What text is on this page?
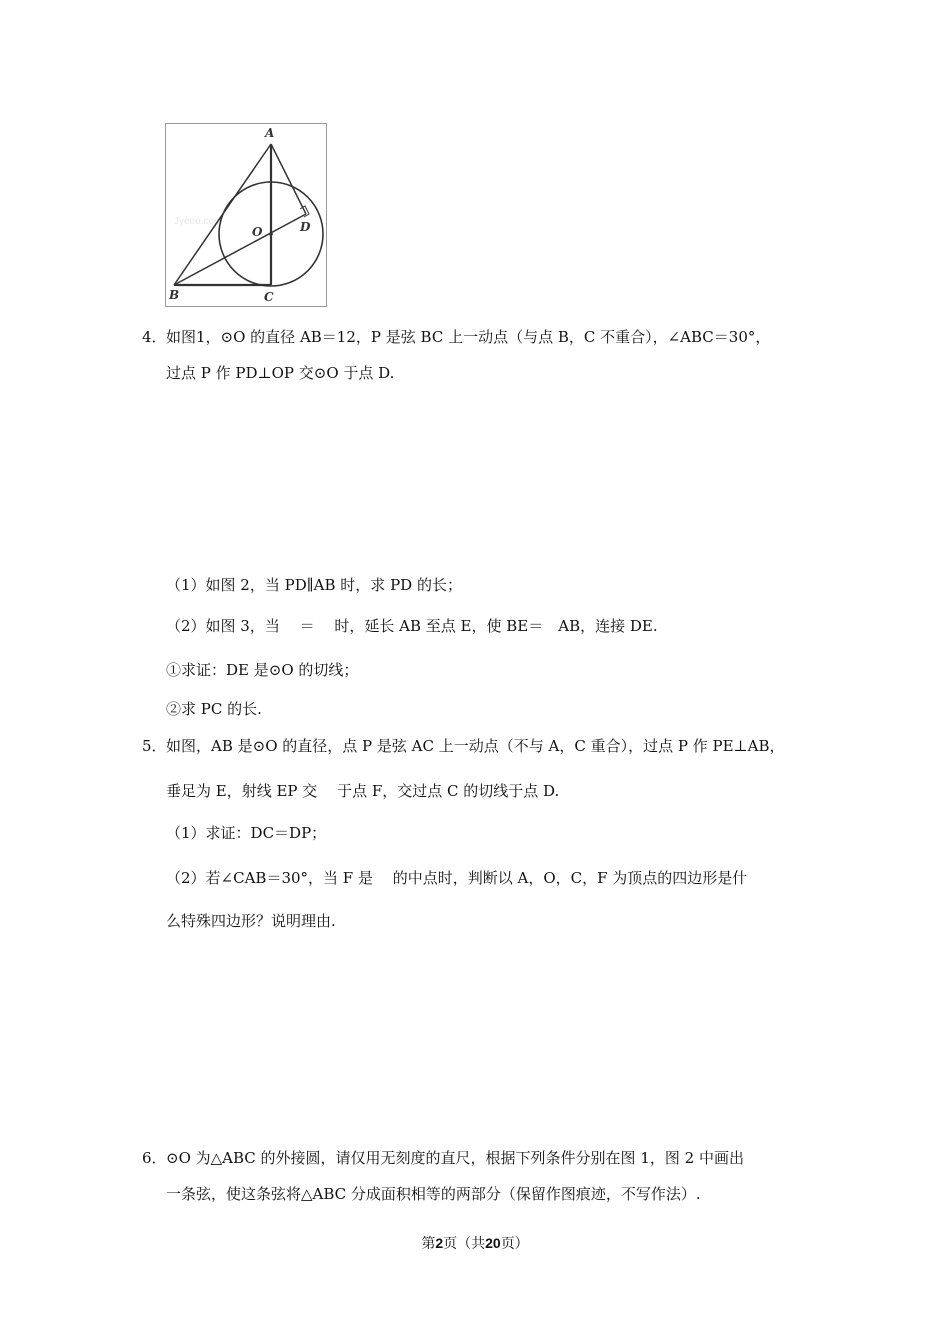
Jyeoo.com
A
B	C
O	D
4． 如图1，⊙O 的直径 AB＝12，P 是弦 BC 上一动点（与点 B，C 不重合），∠ABC＝30°，
过点 P 作 PD⊥OP 交⊙O 于点 D.
（1）如图 2，当 PD∥AB 时，求 PD 的长；
（2）如图 3，当　 ＝　 时，延长 AB 至点 E，使 BE＝　AB，连接 DE.
①求证：DE 是⊙O 的切线；
②求 PC 的长.
5． 如图，AB 是⊙O 的直径，点 P 是弦 AC 上一动点（不与 A，C 重合），过点 P 作 PE⊥AB，
垂足为 E，射线 EP 交　 于点 F，交过点 C 的切线于点 D.
（1）求证：DC＝DP；
（2）若∠CAB＝30°，当 F 是　 的中点时，判断以 A，O，C，F 为顶点的四边形是什
么特殊四边形？说明理由.
6． ⊙O 为△ABC 的外接圆，请仅用无刻度的直尺，根据下列条件分别在图 1，图 2 中画出
一条弦，使这条弦将△ABC 分成面积相等的两部分（保留作图痕迹，不写作法）.
第2页（共20页）
